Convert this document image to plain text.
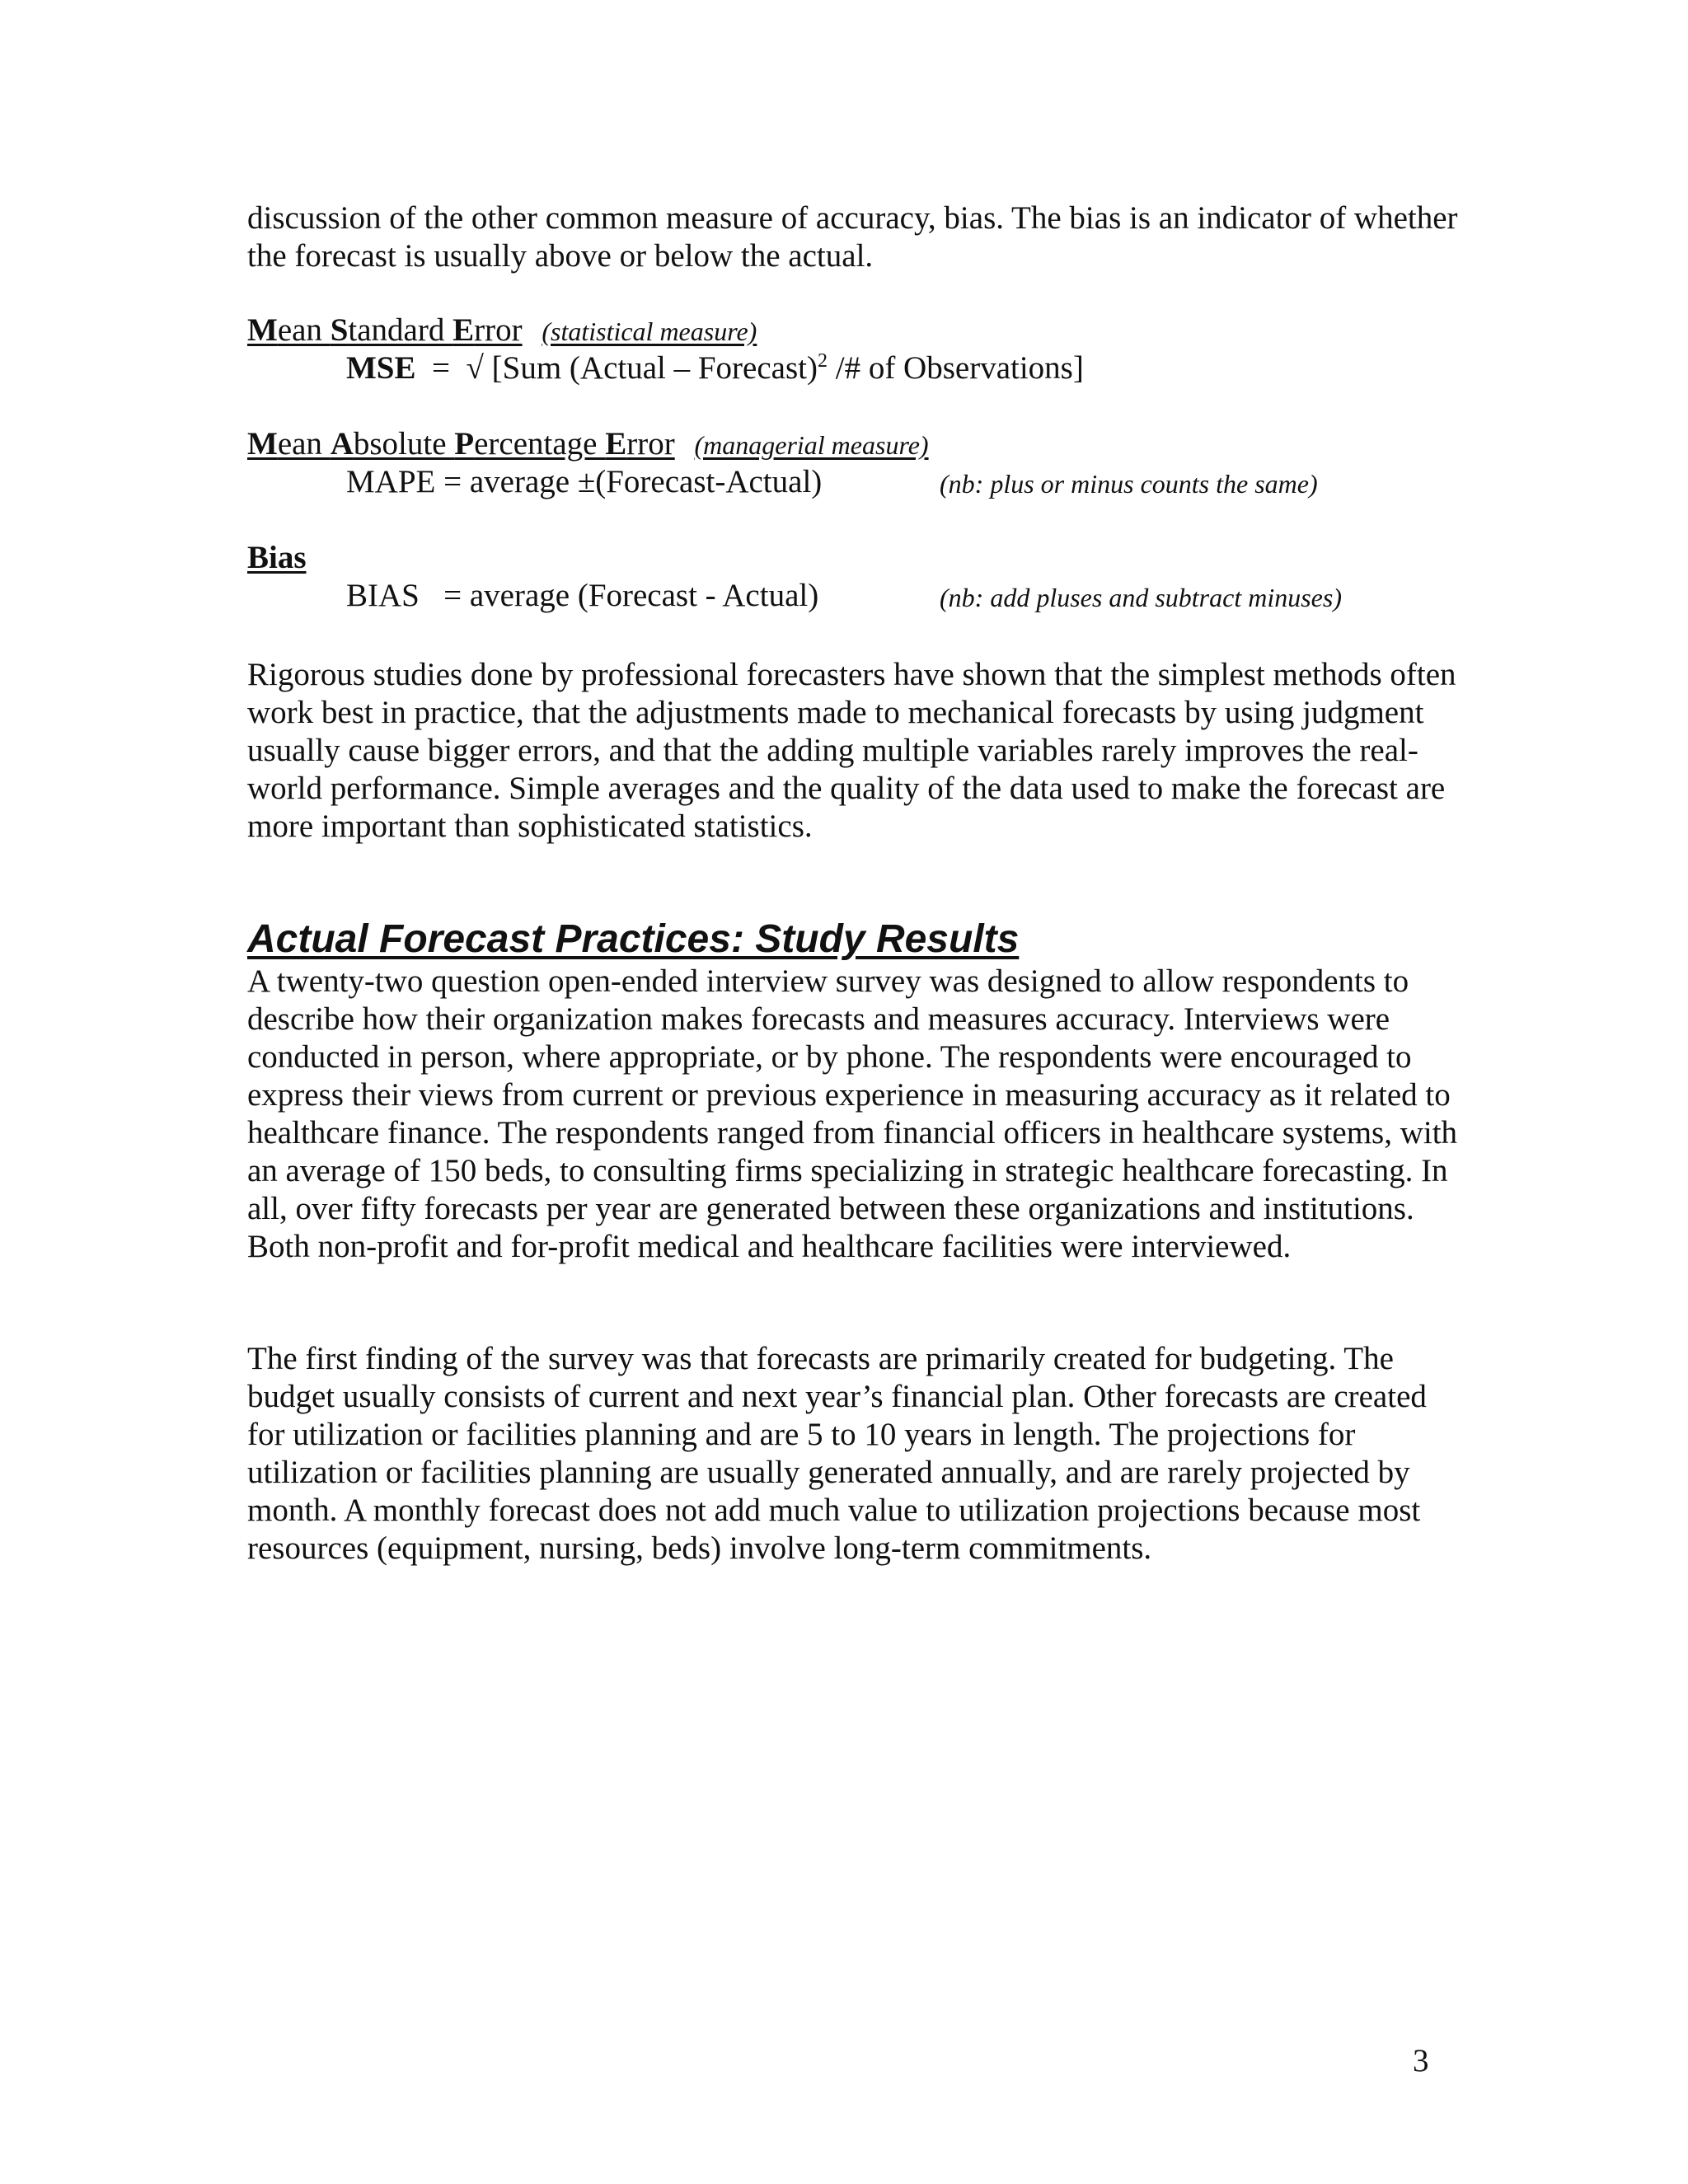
discussion of the other common measure of accuracy, bias. The bias is an indicator of whether the forecast is usually above or below the actual.

Mean Standard Error (statistical measure)
MSE  =  √ [Sum (Actual – Forecast)$^2$ /# of Observations]
Mean Absolute Percentage Error (managerial measure)
MAPE = average ±(Forecast-Actual)	(nb: plus or minus counts the same)
Bias
BIAS   = average (Forecast - Actual)	(nb: add pluses and subtract minuses)

Rigorous studies done by professional forecasters have shown that the simplest methods often work best in practice, that the adjustments made to mechanical forecasts by using judgment usually cause bigger errors, and that the adding multiple variables rarely improves the real-world performance. Simple averages and the quality of the data used to make the forecast are more important than sophisticated statistics.

Actual Forecast Practices: Study Results

A twenty-two question open-ended interview survey was designed to allow respondents to describe how their organization makes forecasts and measures accuracy. Interviews were conducted in person, where appropriate, or by phone. The respondents were encouraged to express their views from current or previous experience in measuring accuracy as it related to healthcare finance. The respondents ranged from financial officers in healthcare systems, with an average of 150 beds, to consulting firms specializing in strategic healthcare forecasting. In all, over fifty forecasts per year are generated between these organizations and institutions. Both non-profit and for-profit medical and healthcare facilities were interviewed.

The first finding of the survey was that forecasts are primarily created for budgeting. The budget usually consists of current and next year’s financial plan. Other forecasts are created for utilization or facilities planning and are 5 to 10 years in length. The projections for utilization or facilities planning are usually generated annually, and are rarely projected by month. A monthly forecast does not add much value to utilization projections because most resources (equipment, nursing, beds) involve long-term commitments.

3
